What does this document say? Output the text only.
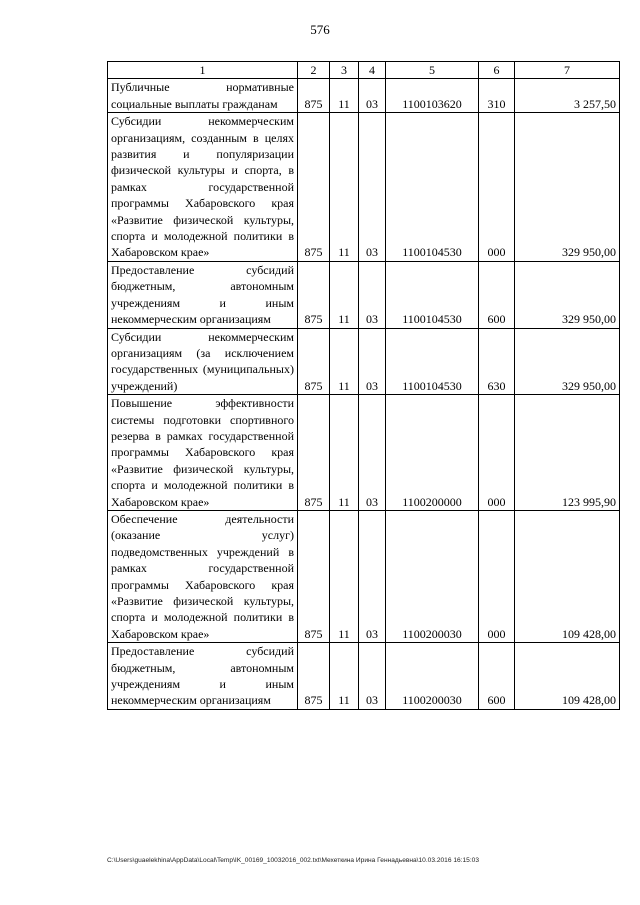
576
1	2	3	4	5	6	7
Публичные нормативные социальные выплаты гражданам	875	11	03	1100103620	310	3 257,50
Субсидии некоммерческим организациям, созданным в целях развития и популяризации физической культуры и спорта, в рамках государственной программы Хабаровского края «Развитие физической культуры, спорта и молодежной политики в Хабаровском крае»	875	11	03	1100104530	000	329 950,00
Предоставление субсидий бюджетным, автономным учреждениям и иным некоммерческим организациям	875	11	03	1100104530	600	329 950,00
Субсидии некоммерческим организациям (за исключением государственных (муниципальных) учреждений)	875	11	03	1100104530	630	329 950,00
Повышение эффективности системы подготовки спортивного резерва в рамках государственной программы Хабаровского края «Развитие физической культуры, спорта и молодежной политики в Хабаровском крае»	875	11	03	1100200000	000	123 995,90
Обеспечение деятельности (оказание услуг) подведомственных учреждений в рамках государственной программы Хабаровского края «Развитие физической культуры, спорта и молодежной политики в Хабаровском крае»	875	11	03	1100200030	000	109 428,00
Предоставление субсидий бюджетным, автономным учреждениям и иным некоммерческим организациям	875	11	03	1100200030	600	109 428,00
C:\Users\guaelekhina\AppData\Local\Temp\IK_00169_10032016_002.txt\Мехеткина Ирина Геннадьевна\10.03.2016 16:15:03
